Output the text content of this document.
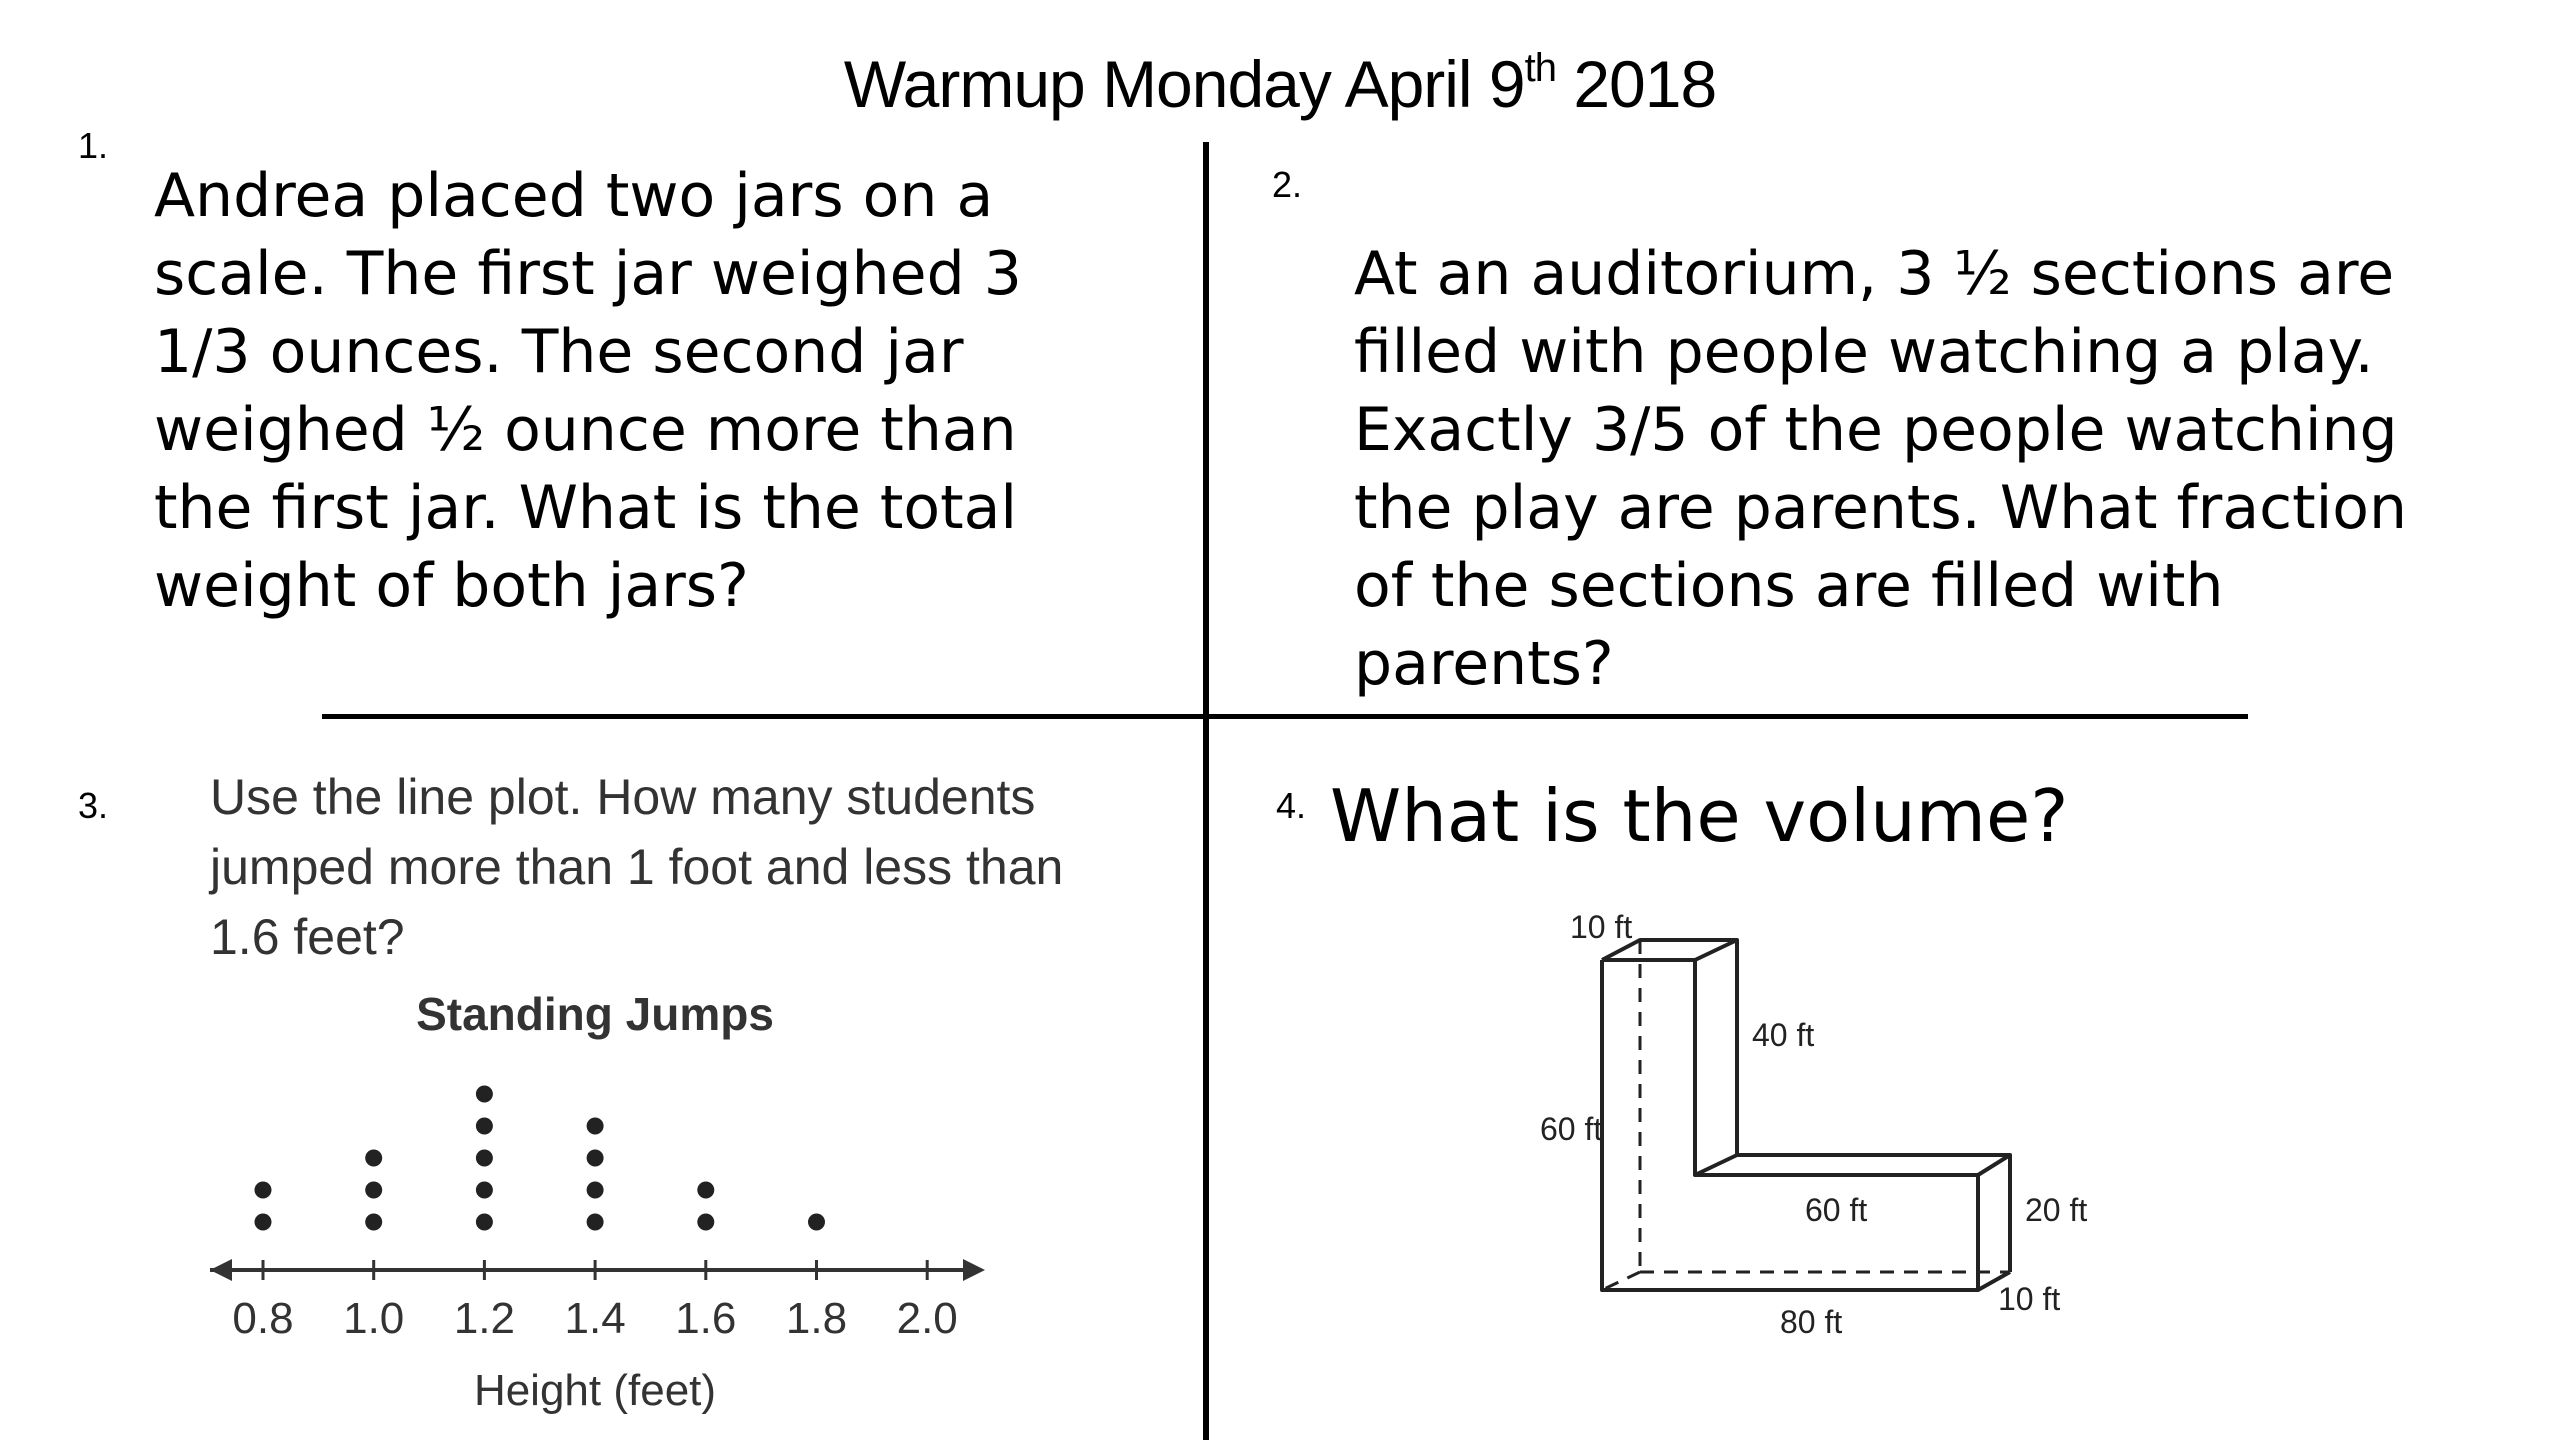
Warmup Monday April 9th 2018
1.
Andrea placed two jars on a
scale. The first jar weighed 3
1/3 ounces. The second jar
weighed ½ ounce more than
the first jar. What is the total
weight of both jars?
2.
At an auditorium, 3 ½ sections are
filled with people watching a play.
Exactly 3/5 of the people watching
the play are parents. What fraction
of the sections are filled with
parents?
3. Use the line plot. How many students
jumped more than 1 foot and less than
1.6 feet?
Standing Jumps
0.8 1.0 1.2 1.4 1.6 1.8 2.0
Height (feet)
4. What is the volume?
10 ft
60 ft
40 ft
60 ft	20 ft
10 ft
80 ft
